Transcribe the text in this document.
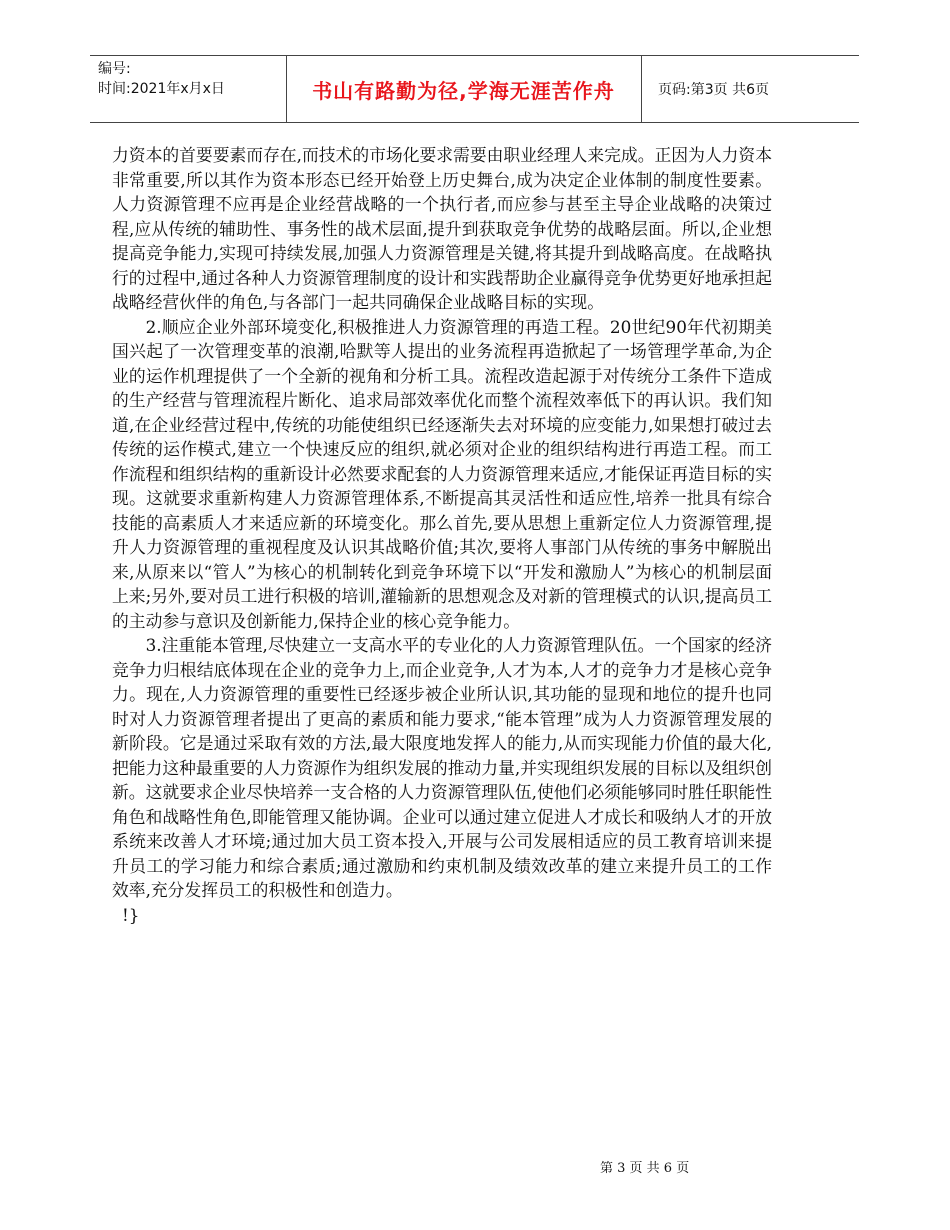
编号:
时间:2021年x月x日	书山有路勤为径,学海无涯苦作舟	页码:第3页 共6页

力资本的首要要素而存在,而技术的市场化要求需要由职业经理人来完成。正因为人力资本非常重要,所以其作为资本形态已经开始登上历史舞台,成为决定企业体制的制度性要素。人力资源管理不应再是企业经营战略的一个执行者,而应参与甚至主导企业战略的决策过程,应从传统的辅助性、事务性的战术层面,提升到获取竞争优势的战略层面。所以,企业想提高竞争能力,实现可持续发展,加强人力资源管理是关键,将其提升到战略高度。在战略执行的过程中,通过各种人力资源管理制度的设计和实践帮助企业赢得竞争优势更好地承担起战略经营伙伴的角色,与各部门一起共同确保企业战略目标的实现。

2.顺应企业外部环境变化,积极推进人力资源管理的再造工程。20世纪90年代初期美国兴起了一次管理变革的浪潮,哈默等人提出的业务流程再造掀起了一场管理学革命,为企业的运作机理提供了一个全新的视角和分析工具。流程改造起源于对传统分工条件下造成的生产经营与管理流程片断化、追求局部效率优化而整个流程效率低下的再认识。我们知道,在企业经营过程中,传统的功能使组织已经逐渐失去对环境的应变能力,如果想打破过去传统的运作模式,建立一个快速反应的组织,就必须对企业的组织结构进行再造工程。而工作流程和组织结构的重新设计必然要求配套的人力资源管理来适应,才能保证再造目标的实现。这就要求重新构建人力资源管理体系,不断提高其灵活性和适应性,培养一批具有综合技能的高素质人才来适应新的环境变化。那么首先,要从思想上重新定位人力资源管理,提升人力资源管理的重视程度及认识其战略价值;其次,要将人事部门从传统的事务中解脱出来,从原来以“管人”为核心的机制转化到竞争环境下以“开发和激励人”为核心的机制层面上来;另外,要对员工进行积极的培训,灌输新的思想观念及对新的管理模式的认识,提高员工的主动参与意识及创新能力,保持企业的核心竞争能力。

3.注重能本管理,尽快建立一支高水平的专业化的人力资源管理队伍。一个国家的经济竞争力归根结底体现在企业的竞争力上,而企业竞争,人才为本,人才的竞争力才是核心竞争力。现在,人力资源管理的重要性已经逐步被企业所认识,其功能的显现和地位的提升也同时对人力资源管理者提出了更高的素质和能力要求,“能本管理”成为人力资源管理发展的新阶段。它是通过采取有效的方法,最大限度地发挥人的能力,从而实现能力价值的最大化,把能力这种最重要的人力资源作为组织发展的推动力量,并实现组织发展的目标以及组织创新。这就要求企业尽快培养一支合格的人力资源管理队伍,使他们必须能够同时胜任职能性角色和战略性角色,即能管理又能协调。企业可以通过建立促进人才成长和吸纳人才的开放系统来改善人才环境;通过加大员工资本投入,开展与公司发展相适应的员工教育培训来提升员工的学习能力和综合素质;通过激励和约束机制及绩效改革的建立来提升员工的工作效率,充分发挥员工的积极性和创造力。

!}

第 3 页 共 6 页
